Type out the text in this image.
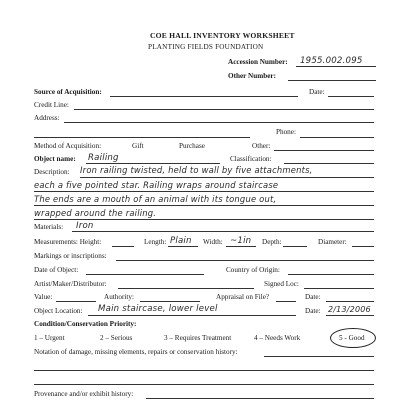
COE HALL INVENTORY WORKSHEET
PLANTING FIELDS FOUNDATION
Accession Number: 1955.002.095
Other Number:
Source of Acquisition:	Date:
Credit Line:
Address:
Phone:
Method of Acquisition:	Gift	Purchase	Other:
Object name: Railing	Classification:
Description: Iron railing twisted, held to wall by five attachments,
each a five pointed star. Railing wraps around staircase
The ends are a mouth of an animal with its tongue out,
wrapped around the railing.
Materials: Iron
Measurements: Height:	Length: Plain Width: ~1in Depth:	Diameter:
Markings or inscriptions:
Date of Object:	Country of Origin:
Artist/Maker/Distributor:	Signed Loc:
Value:	Authority:	Appraisal on File?	Date:
Object Location: Main staircase, lower level	Date: 2/13/2006
Condition/Conservation Priority:
1 – Urgent	2 – Serious	3 – Requires Treatment	4 – Needs Work	5 - Good
Notation of damage, missing elements, repairs or conservation history:
Provenance and/or exhibit history:
